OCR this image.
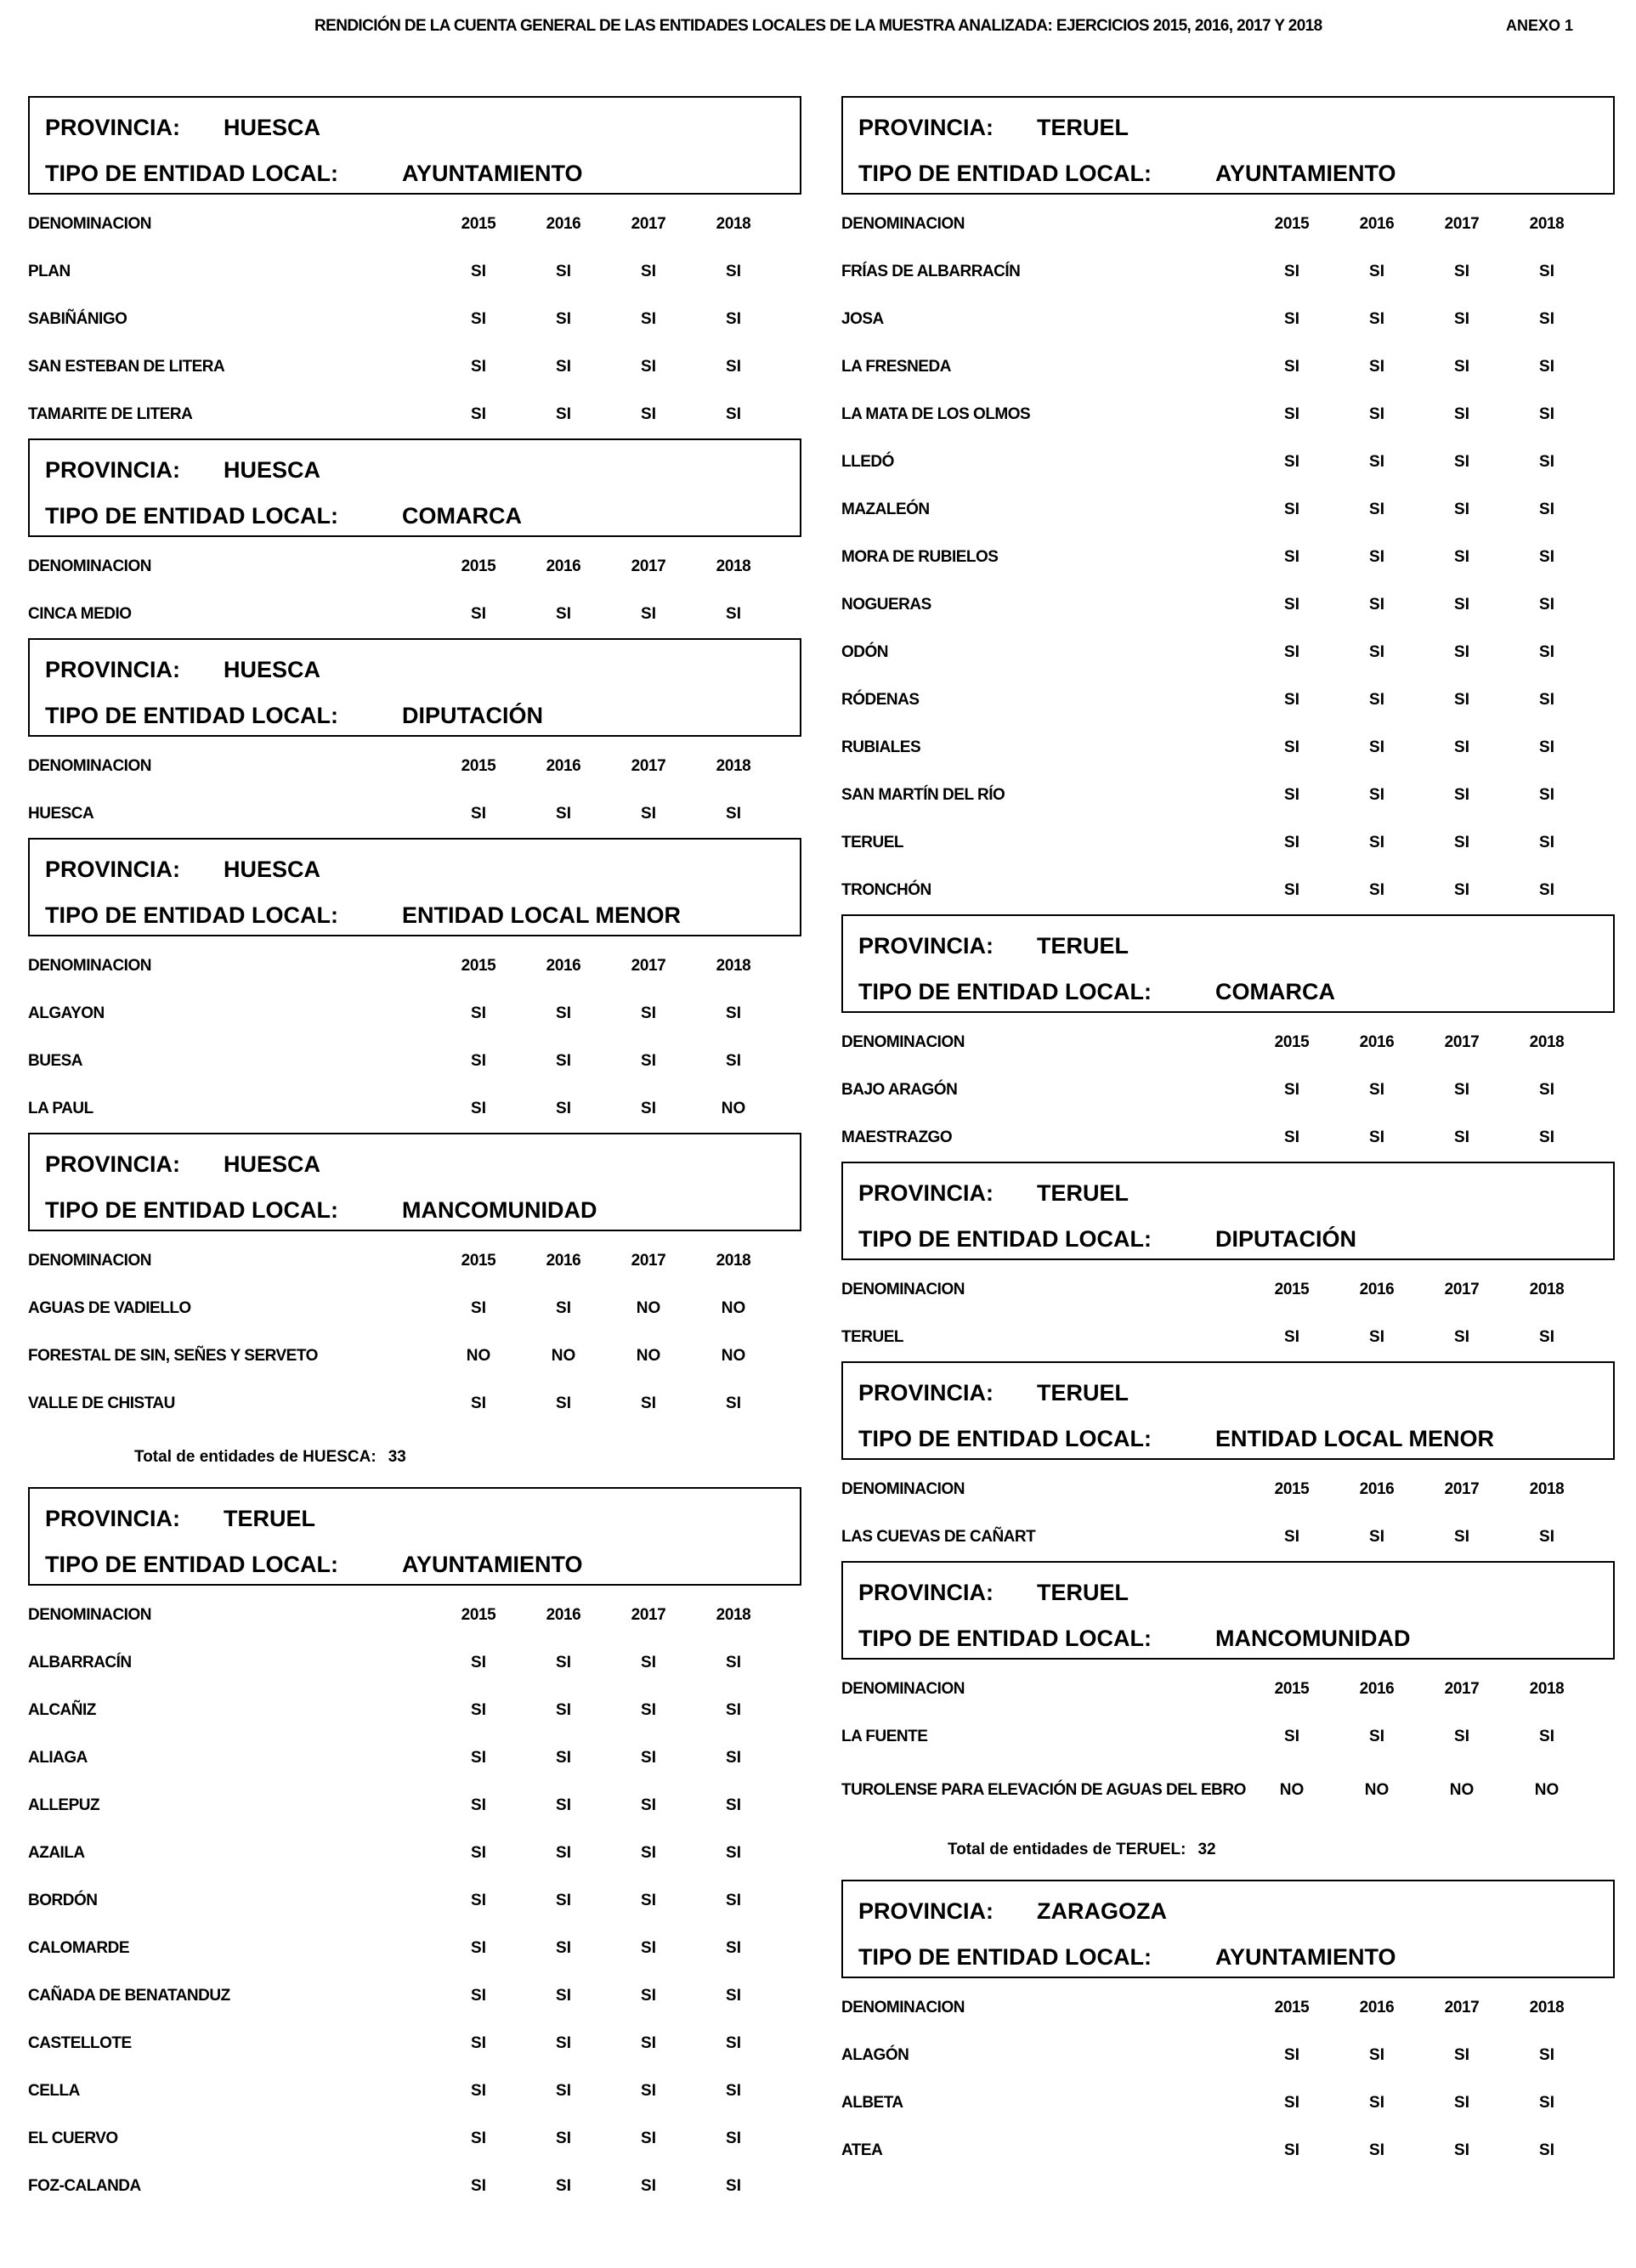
RENDICIÓN DE LA CUENTA GENERAL DE LAS ENTIDADES LOCALES DE LA MUESTRA ANALIZADA: EJERCICIOS 2015, 2016, 2017 Y 2018	ANEXO 1
PROVINCIA:	HUESCA
TIPO DE ENTIDAD LOCAL:	AYUNTAMIENTO
DENOMINACION	2015	2016	2017	2018
PLAN	SI	SI	SI	SI
SABIÑÁNIGO	SI	SI	SI	SI
SAN ESTEBAN DE LITERA	SI	SI	SI	SI
TAMARITE DE LITERA	SI	SI	SI	SI
PROVINCIA:	HUESCA
TIPO DE ENTIDAD LOCAL:	COMARCA
DENOMINACION	2015	2016	2017	2018
CINCA MEDIO	SI	SI	SI	SI
PROVINCIA:	HUESCA
TIPO DE ENTIDAD LOCAL:	DIPUTACIÓN
DENOMINACION	2015	2016	2017	2018
HUESCA	SI	SI	SI	SI
PROVINCIA:	HUESCA
TIPO DE ENTIDAD LOCAL:	ENTIDAD LOCAL MENOR
DENOMINACION	2015	2016	2017	2018
ALGAYON	SI	SI	SI	SI
BUESA	SI	SI	SI	SI
LA PAUL	SI	SI	SI	NO
PROVINCIA:	HUESCA
TIPO DE ENTIDAD LOCAL:	MANCOMUNIDAD
DENOMINACION	2015	2016	2017	2018
AGUAS DE VADIELLO	SI	SI	NO	NO
FORESTAL DE SIN, SEÑES Y SERVETO	NO	NO	NO	NO
VALLE DE CHISTAU	SI	SI	SI	SI
Total de entidades de HUESCA: 33
PROVINCIA:	TERUEL
TIPO DE ENTIDAD LOCAL:	AYUNTAMIENTO
DENOMINACION	2015	2016	2017	2018
ALBARRACÍN	SI	SI	SI	SI
ALCAÑIZ	SI	SI	SI	SI
ALIAGA	SI	SI	SI	SI
ALLEPUZ	SI	SI	SI	SI
AZAILA	SI	SI	SI	SI
BORDÓN	SI	SI	SI	SI
CALOMARDE	SI	SI	SI	SI
CAÑADA DE BENATANDUZ	SI	SI	SI	SI
CASTELLOTE	SI	SI	SI	SI
CELLA	SI	SI	SI	SI
EL CUERVO	SI	SI	SI	SI
FOZ-CALANDA	SI	SI	SI	SI
PROVINCIA:	TERUEL
TIPO DE ENTIDAD LOCAL:	AYUNTAMIENTO
DENOMINACION	2015	2016	2017	2018
FRÍAS DE ALBARRACÍN	SI	SI	SI	SI
JOSA	SI	SI	SI	SI
LA FRESNEDA	SI	SI	SI	SI
LA MATA DE LOS OLMOS	SI	SI	SI	SI
LLEDÓ	SI	SI	SI	SI
MAZALEÓN	SI	SI	SI	SI
MORA DE RUBIELOS	SI	SI	SI	SI
NOGUERAS	SI	SI	SI	SI
ODÓN	SI	SI	SI	SI
RÓDENAS	SI	SI	SI	SI
RUBIALES	SI	SI	SI	SI
SAN MARTÍN DEL RÍO	SI	SI	SI	SI
TERUEL	SI	SI	SI	SI
TRONCHÓN	SI	SI	SI	SI
PROVINCIA:	TERUEL
TIPO DE ENTIDAD LOCAL:	COMARCA
DENOMINACION	2015	2016	2017	2018
BAJO ARAGÓN	SI	SI	SI	SI
MAESTRAZGO	SI	SI	SI	SI
PROVINCIA:	TERUEL
TIPO DE ENTIDAD LOCAL:	DIPUTACIÓN
DENOMINACION	2015	2016	2017	2018
TERUEL	SI	SI	SI	SI
PROVINCIA:	TERUEL
TIPO DE ENTIDAD LOCAL:	ENTIDAD LOCAL MENOR
DENOMINACION	2015	2016	2017	2018
LAS CUEVAS DE CAÑART	SI	SI	SI	SI
PROVINCIA:	TERUEL
TIPO DE ENTIDAD LOCAL:	MANCOMUNIDAD
DENOMINACION	2015	2016	2017	2018
LA FUENTE	SI	SI	SI	SI
TUROLENSE PARA ELEVACIÓN DE AGUAS DEL EBRO	NO	NO	NO	NO
Total de entidades de TERUEL: 32
PROVINCIA:	ZARAGOZA
TIPO DE ENTIDAD LOCAL:	AYUNTAMIENTO
DENOMINACION	2015	2016	2017	2018
ALAGÓN	SI	SI	SI	SI
ALBETA	SI	SI	SI	SI
ATEA	SI	SI	SI	SI
